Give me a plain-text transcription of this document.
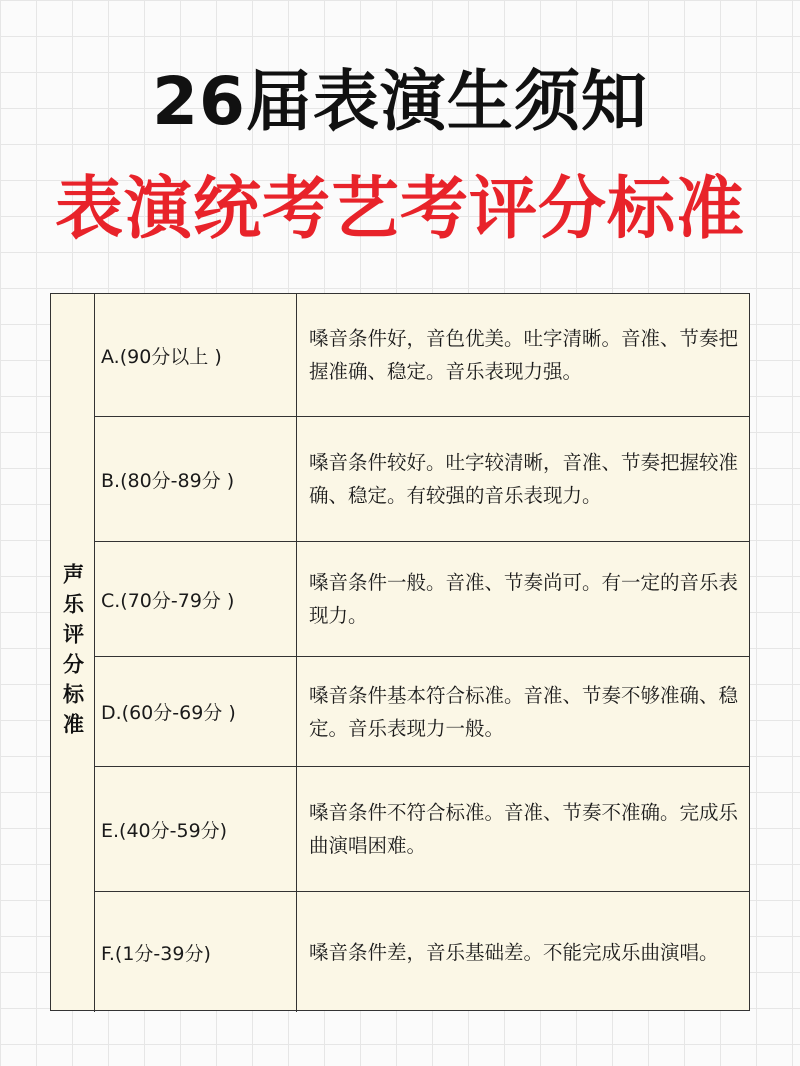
26届表演生须知
表演统考艺考评分标准
声乐评分标准
A.(90分以上 )
嗓音条件好，音色优美。吐字清晰。音准、节奏把握准确、稳定。音乐表现力强。
B.(80分-89分 )
嗓音条件较好。吐字较清晰，音准、节奏把握较准确、稳定。有较强的音乐表现力。
C.(70分-79分 )
嗓音条件一般。音准、节奏尚可。有一定的音乐表现力。
D.(60分-69分 )
嗓音条件基本符合标准。音准、节奏不够准确、稳定。音乐表现力一般。
E.(40分-59分)
嗓音条件不符合标准。音准、节奏不准确。完成乐曲演唱困难。
F.(1分-39分)	嗓音条件差，音乐基础差。不能完成乐曲演唱。
